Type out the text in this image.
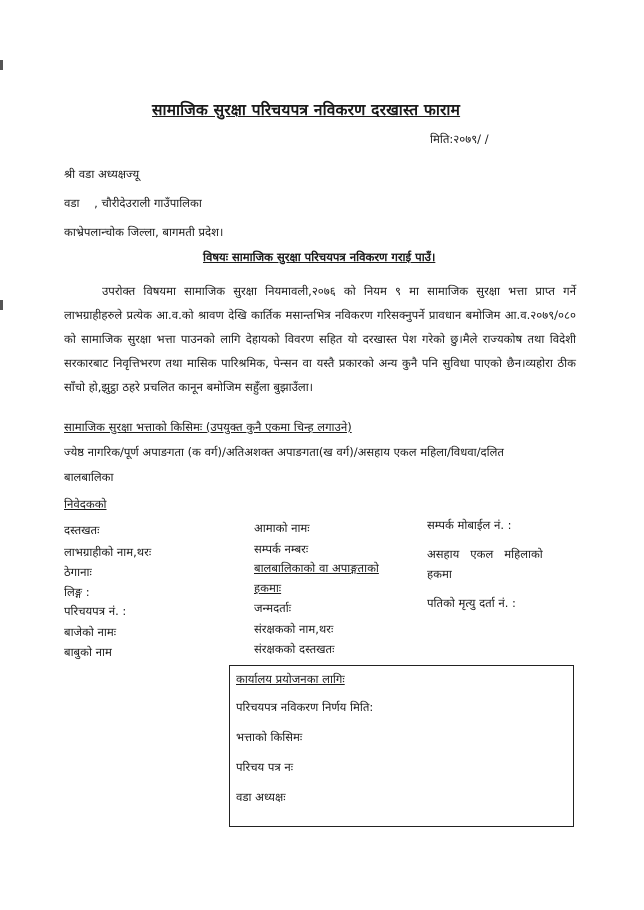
सामाजिक सुरक्षा परिचयपत्र नविकरण दरखास्त फाराम
मिति:२०७९/ /
श्री वडा अध्यक्षज्यू
वडा    , चौरीदेउराली गाउँपालिका
काभ्रेपलान्चोक जिल्ला, बागमती प्रदेश।
विषयः सामाजिक सुरक्षा परिचयपत्र नविकरण गराई पाउँ।
उपरोक्त विषयमा सामाजिक सुरक्षा नियमावली,२०७६ को नियम ९ मा सामाजिक सुरक्षा भत्ता प्राप्त गर्ने लाभग्राहीहरुले प्रत्येक आ.व.को श्रावण देखि कार्तिक मसान्तभित्र नविकरण गरिसक्नुपर्ने प्रावधान बमोजिम आ.व.२०७९/०८० को सामाजिक सुरक्षा भत्ता पाउनको लागि देहायको विवरण सहित यो दरखास्त पेश गरेको छु।मैले राज्यकोष तथा विदेशी सरकारबाट निवृत्तिभरण तथा मासिक पारिश्रमिक, पेन्सन वा यस्तै प्रकारको अन्य कुनै पनि सुविधा पाएको छैन।व्यहोरा ठीक साँचो हो,झुट्ठा ठहरे प्रचलित कानून बमोजिम सहुँला बुझाउँला।
सामाजिक सुरक्षा भत्ताको किसिमः (उपयुक्त कुनै एकमा चिन्ह लगाउने)
ज्येष्ठ नागरिक/पूर्ण अपाङगता (क वर्ग)/अतिअशक्त अपाङगता(ख वर्ग)/असहाय एकल महिला/विधवा/दलित
बालबालिका
निवेदकको
दस्तखतः
लाभग्राहीको नाम,थरः
ठेगानाः
लिङ्ग :
परिचयपत्र नं. :
बाजेको नामः
बाबुको नाम
आमाको नामः
सम्पर्क नम्बरः
बालबालिकाको वा अपाङ्गताको
हकमाः
जन्मदर्ताः
संरक्षकको नाम,थरः
संरक्षकको दस्तखतः
सम्पर्क मोबाईल नं. :
असहाय   एकल   महिलाको
हकमा
पतिको मृत्यु दर्ता नं. :
कार्यालय प्रयोजनका लागिः
परिचयपत्र नविकरण निर्णय मिति:
भत्ताको किसिमः
परिचय पत्र नः
वडा अध्यक्षः
